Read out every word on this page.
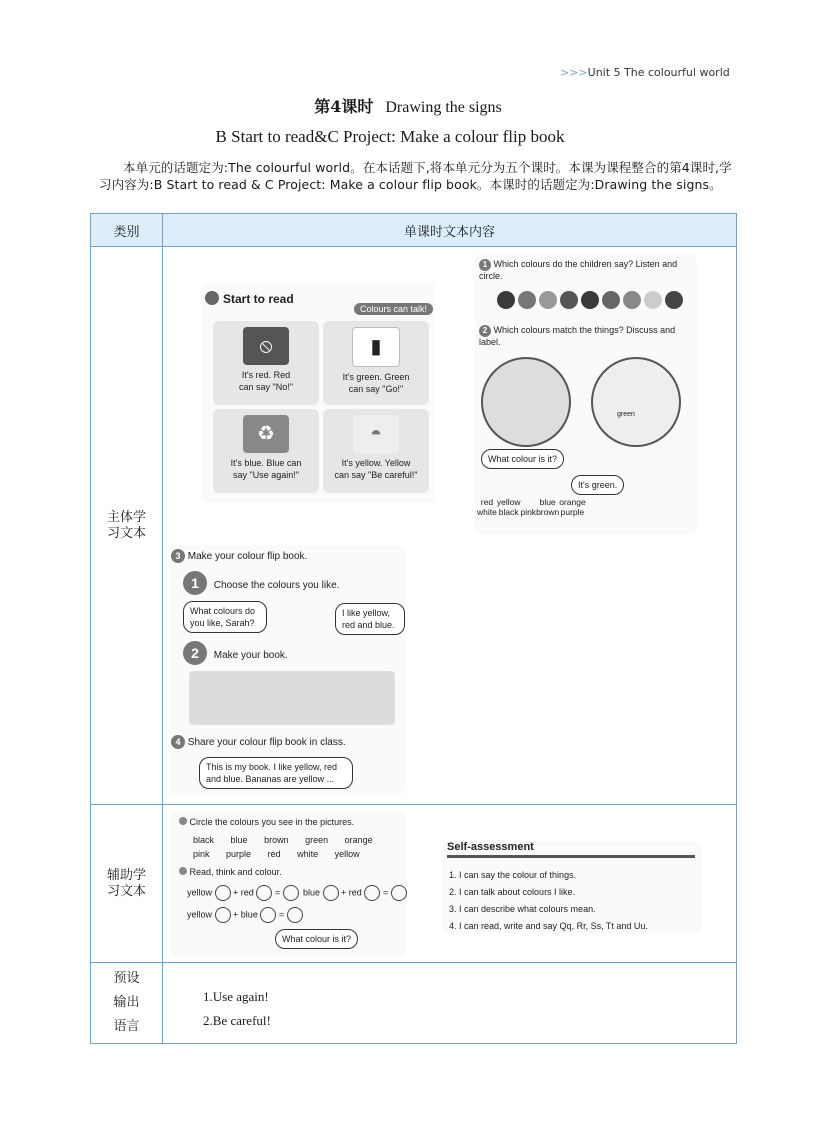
>>>Unit 5 The colourful world
第4课时 Drawing the signs
B Start to read&C Project: Make a colour flip book
本单元的话题定为:The colourful world。在本话题下,将本单元分为五个课时。本课为课程整合的第4课时,学习内容为:B Start to read & C Project: Make a colour flip book。本课时的话题定为:Drawing the signs。
类别	单课时文本内容

主体学习文本

Start to read
Colours can talk!
⦸
It's red. Red
can say "No!"
▮
It's green. Green
can say "Go!"
♻
It's blue. Blue can
say "Use again!"
◓
It's yellow. Yellow
can say "Be careful!"
1 Which colours do the children say? Listen and circle.
2 Which colours match the things? Discuss and label.
green
What colour is it?
It's green.
red	yellow		blue	orange
white	black	pink	brown	purple
3 Make your colour flip book.
1 Choose the colours you like.
What colours do you like, Sarah?
I like yellow, red and blue.
2 Make your book.
4 Share your colour flip book in class.
This is my book. I like yellow, red and blue. Bananas are yellow ...

辅助学习文本

Circle the colours you see in the pictures.
black blue brown green orange
pink purple red white yellow
Read, think and colour.
yellow + red =	blue + red =
yellow + blue =
What colour is it?
Self-assessment
1. I can say the colour of things.
2. I can talk about colours I like.
3. I can describe what colours mean.
4. I can read, write and say Qq, Rr, Ss, Tt and Uu.

预设输出语言

1.Use again!
2.Be careful!
